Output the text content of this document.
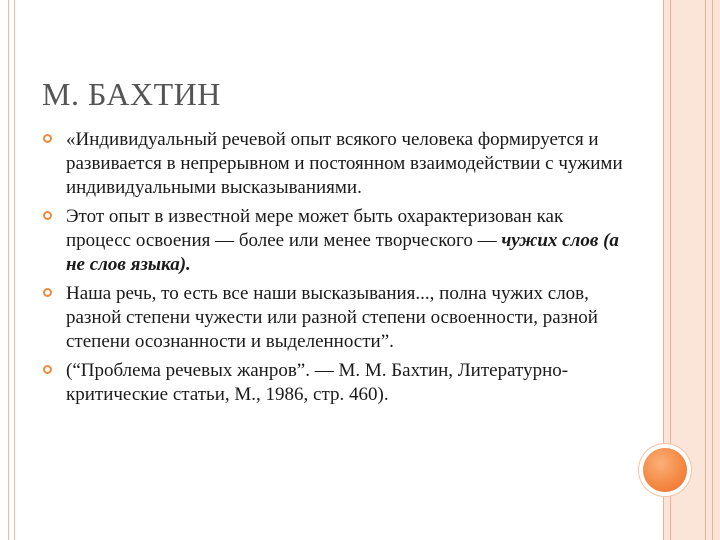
М. БАХТИН
«Индивидуальный речевой опыт всякого человека формируется и развивается в непрерывном и постоянном взаимодействии с чужими индивидуальными высказываниями.
Этот опыт в известной мере может быть охарактеризован как процесс освоения — более или менее творческого — чужих слов (а не слов языка).
Наша речь, то есть все наши высказывания..., полна чужих слов, разной степени чужести или разной степени освоенности, разной степени осознанности и выделенности”.
(“Проблема речевых жанров”. — М. М. Бахтин, Литературно-критические статьи, М., 1986, стр. 460).
